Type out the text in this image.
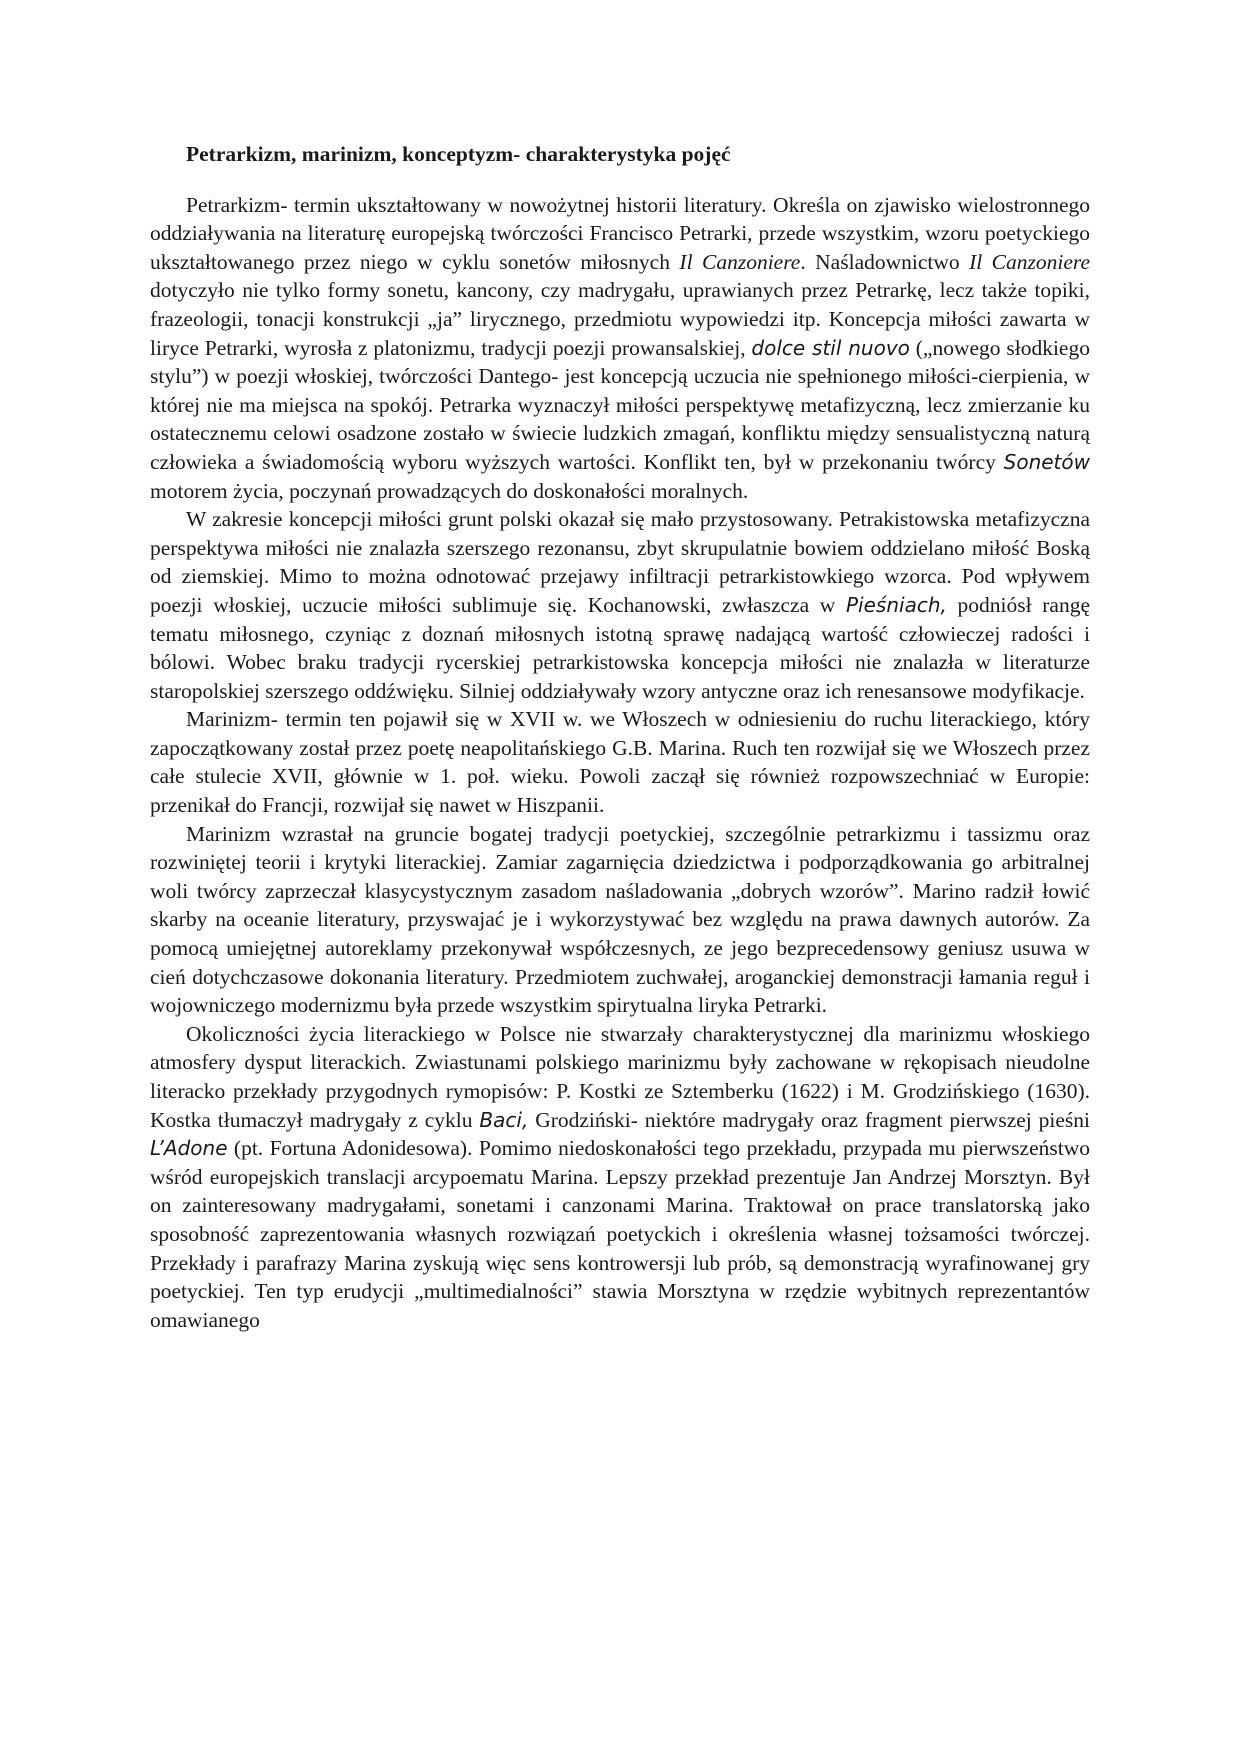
Petrarkizm, marinizm, konceptyzm- charakterystyka pojęć

Petrarkizm- termin ukształtowany w nowożytnej historii literatury. Określa on zjawisko wielostronnego oddziaływania na literaturę europejską twórczości Francisco Petrarki, przede wszystkim, wzoru poetyckiego ukształtowanego przez niego w cyklu sonetów miłosnych Il Canzoniere. Naśladownictwo Il Canzoniere dotyczyło nie tylko formy sonetu, kancony, czy madrygału, uprawianych przez Petrarkę, lecz także topiki, frazeologii, tonacji konstrukcji „ja” lirycznego, przedmiotu wypowiedzi itp. Koncepcja miłości zawarta w liryce Petrarki, wyrosła z platonizmu, tradycji poezji prowansalskiej, dolce stil nuovo („nowego słodkiego stylu”) w poezji włoskiej, twórczości Dantego- jest koncepcją uczucia nie spełnionego miłości-cierpienia, w której nie ma miejsca na spokój. Petrarka wyznaczył miłości perspektywę metafizyczną, lecz zmierzanie ku ostatecznemu celowi osadzone zostało w świecie ludzkich zmagań, konfliktu między sensualistyczną naturą człowieka a świadomością wyboru wyższych wartości. Konflikt ten, był w przekonaniu twórcy Sonetów motorem życia, poczynań prowadzących do doskonałości moralnych.

W zakresie koncepcji miłości grunt polski okazał się mało przystosowany. Petrakistowska metafizyczna perspektywa miłości nie znalazła szerszego rezonansu, zbyt skrupulatnie bowiem oddzielano miłość Boską od ziemskiej. Mimo to można odnotować przejawy infiltracji petrarkistowkiego wzorca. Pod wpływem poezji włoskiej, uczucie miłości sublimuje się. Kochanowski, zwłaszcza w Pieśniach, podniósł rangę tematu miłosnego, czyniąc z doznań miłosnych istotną sprawę nadającą wartość człowieczej radości i bólowi. Wobec braku tradycji rycerskiej petrarkistowska koncepcja miłości nie znalazła w literaturze staropolskiej szerszego oddźwięku. Silniej oddziaływały wzory antyczne oraz ich renesansowe modyfikacje.

Marinizm- termin ten pojawił się w XVII w. we Włoszech w odniesieniu do ruchu literackiego, który zapoczątkowany został przez poetę neapolitańskiego G.B. Marina. Ruch ten rozwijał się we Włoszech przez całe stulecie XVII, głównie w 1. poł. wieku. Powoli zaczął się również rozpowszechniać w Europie: przenikał do Francji, rozwijał się nawet w Hiszpanii.

Marinizm wzrastał na gruncie bogatej tradycji poetyckiej, szczególnie petrarkizmu i tassizmu oraz rozwiniętej teorii i krytyki literackiej. Zamiar zagarnięcia dziedzictwa i podporządkowania go arbitralnej woli twórcy zaprzeczał klasycystycznym zasadom naśladowania „dobrych wzorów”. Marino radził łowić skarby na oceanie literatury, przyswajać je i wykorzystywać bez względu na prawa dawnych autorów. Za pomocą umiejętnej autoreklamy przekonywał współczesnych, ze jego bezprecedensowy geniusz usuwa w cień dotychczasowe dokonania literatury. Przedmiotem zuchwałej, aroganckiej demonstracji łamania reguł i wojowniczego modernizmu była przede wszystkim spirytualna liryka Petrarki.

Okoliczności życia literackiego w Polsce nie stwarzały charakterystycznej dla marinizmu włoskiego atmosfery dysput literackich. Zwiastunami polskiego marinizmu były zachowane w rękopisach nieudolne literacko przekłady przygodnych rymopisów: P. Kostki ze Sztemberku (1622) i M. Grodzińskiego (1630). Kostka tłumaczył madrygały z cyklu Baci, Grodziński- niektóre madrygały oraz fragment pierwszej pieśni L’Adone (pt. Fortuna Adonidesowa). Pomimo niedoskonałości tego przekładu, przypada mu pierwszeństwo wśród europejskich translacji arcypoematu Marina. Lepszy przekład prezentuje Jan Andrzej Morsztyn. Był on zainteresowany madrygałami, sonetami i canzonami Marina. Traktował on prace translatorską jako sposobność zaprezentowania własnych rozwiązań poetyckich i określenia własnej tożsamości twórczej. Przekłady i parafrazy Marina zyskują więc sens kontrowersji lub prób, są demonstracją wyrafinowanej gry poetyckiej. Ten typ erudycji „multimedialności” stawia Morsztyna w rzędzie wybitnych reprezentantów omawianego
